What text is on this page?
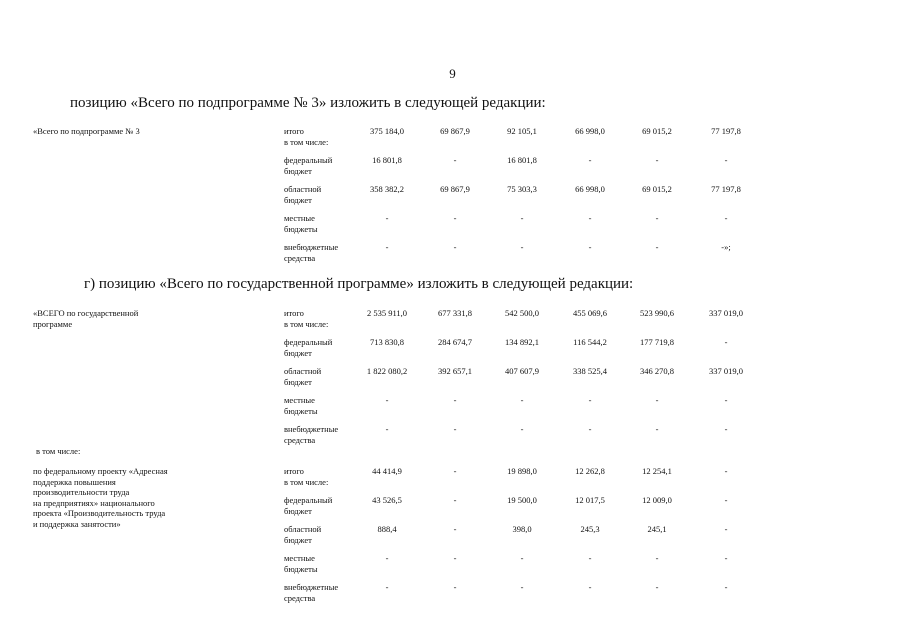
9
позицию «Всего по подпрограмме № 3» изложить в следующей редакции:
г) позицию «Всего по государственной программе» изложить в следующей редакции:
«Всего по подпрограмме № 3	итого
в том числе:
375 184,0	69 867,9	92 105,1	66 998,0	69 015,2	77 197,8
федеральный
бюджет
16 801,8	-	16 801,8	-	-	-
областной
бюджет
358 382,2	69 867,9	75 303,3	66 998,0	69 015,2	77 197,8
местные
бюджеты
-	-	-	-	-	-
внебюджетные
средства
-	-	-	-	-	-»;
«ВСЕГО по государственной
программе
итого
в том числе:
2 535 911,0	677 331,8	542 500,0	455 069,6	523 990,6	337 019,0
федеральный
бюджет
713 830,8	284 674,7	134 892,1	116 544,2	177 719,8	-
областной
бюджет
1 822 080,2	392 657,1	407 607,9	338 525,4	346 270,8	337 019,0
местные
бюджеты
-	-	-	-	-	-
внебюджетные
средства
-	-	-	-	-	-
в том числе:
по федеральному проекту «Адресная
поддержка повышения
производительности труда
на предприятиях» национального
проекта «Производительность труда
и поддержка занятости»
итого
в том числе:
44 414,9	-	19 898,0	12 262,8	12 254,1	-
федеральный
бюджет
43 526,5	-	19 500,0	12 017,5	12 009,0	-
областной
бюджет
888,4	-	398,0	245,3	245,1	-
местные
бюджеты
-	-	-	-	-	-
внебюджетные
средства
-	-	-	-	-	-
